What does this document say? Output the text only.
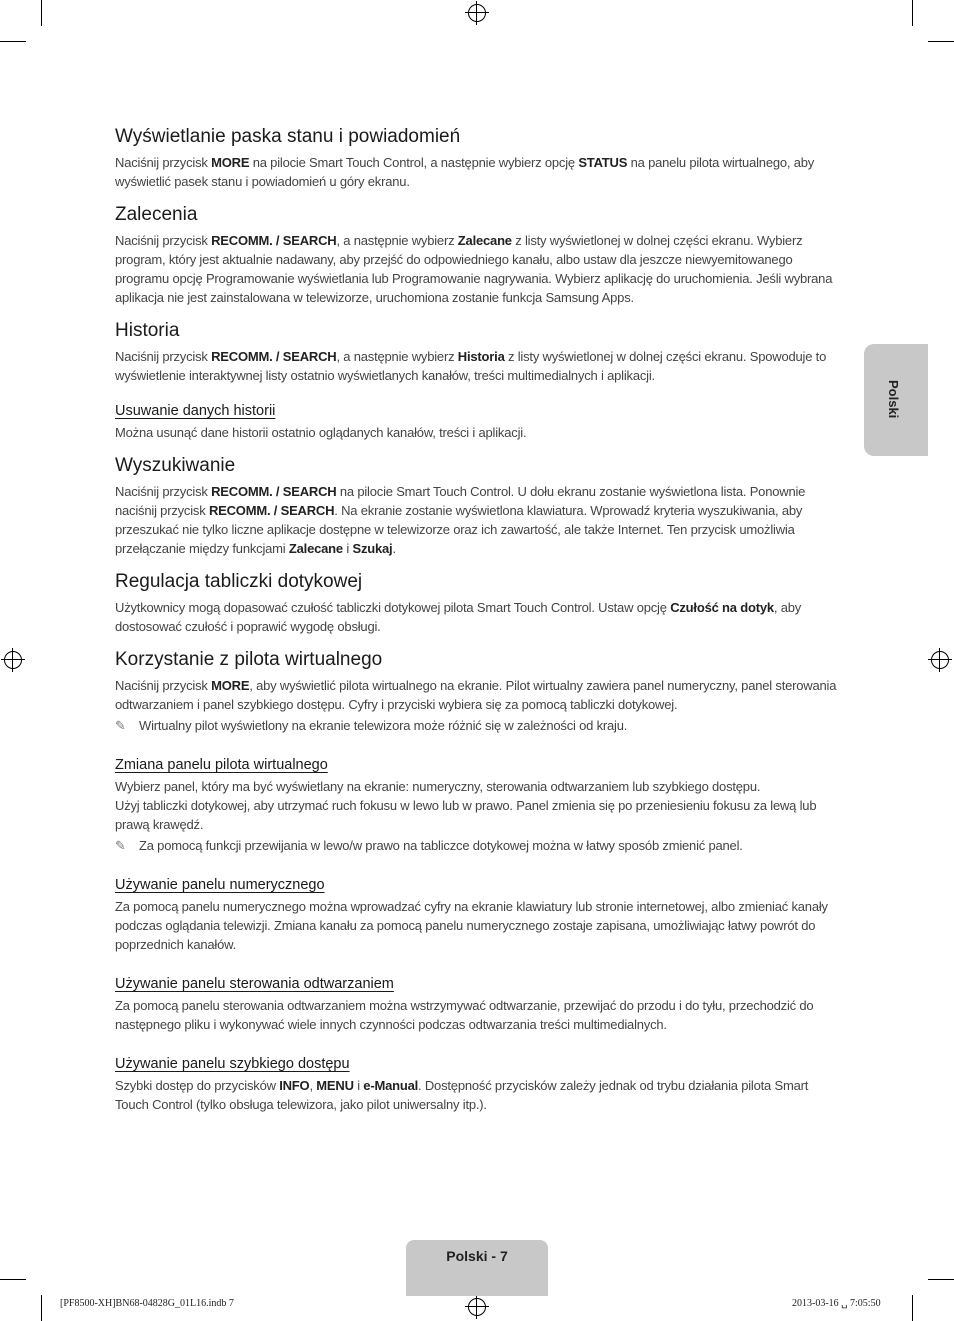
Polski
Wyświetlanie paska stanu i powiadomień

Naciśnij przycisk MORE na pilocie Smart Touch Control, a następnie wybierz opcję STATUS na panelu pilota wirtualnego, aby wyświetlić pasek stanu i powiadomień u góry ekranu.

Zalecenia

Naciśnij przycisk RECOMM. / SEARCH, a następnie wybierz Zalecane z listy wyświetlonej w dolnej części ekranu. Wybierz program, który jest aktualnie nadawany, aby przejść do odpowiedniego kanału, albo ustaw dla jeszcze niewyemitowanego programu opcję Programowanie wyświetlania lub Programowanie nagrywania. Wybierz aplikację do uruchomienia. Jeśli wybrana aplikacja nie jest zainstalowana w telewizorze, uruchomiona zostanie funkcja Samsung Apps.

Historia

Naciśnij przycisk RECOMM. / SEARCH, a następnie wybierz Historia z listy wyświetlonej w dolnej części ekranu. Spowoduje to wyświetlenie interaktywnej listy ostatnio wyświetlanych kanałów, treści multimedialnych i aplikacji.

Usuwanie danych historii

Można usunąć dane historii ostatnio oglądanych kanałów, treści i aplikacji.

Wyszukiwanie

Naciśnij przycisk RECOMM. / SEARCH na pilocie Smart Touch Control. U dołu ekranu zostanie wyświetlona lista. Ponownie naciśnij przycisk RECOMM. / SEARCH. Na ekranie zostanie wyświetlona klawiatura. Wprowadź kryteria wyszukiwania, aby przeszukać nie tylko liczne aplikacje dostępne w telewizorze oraz ich zawartość, ale także Internet. Ten przycisk umożliwia przełączanie między funkcjami Zalecane i Szukaj.

Regulacja tabliczki dotykowej

Użytkownicy mogą dopasować czułość tabliczki dotykowej pilota Smart Touch Control. Ustaw opcję Czułość na dotyk, aby dostosować czułość i poprawić wygodę obsługi.

Korzystanie z pilota wirtualnego

Naciśnij przycisk MORE, aby wyświetlić pilota wirtualnego na ekranie. Pilot wirtualny zawiera panel numeryczny, panel sterowania odtwarzaniem i panel szybkiego dostępu. Cyfry i przyciski wybiera się za pomocą tabliczki dotykowej.

✎ Wirtualny pilot wyświetlony na ekranie telewizora może różnić się w zależności od kraju.

Zmiana panelu pilota wirtualnego

Wybierz panel, który ma być wyświetlany na ekranie: numeryczny, sterowania odtwarzaniem lub szybkiego dostępu.

Użyj tabliczki dotykowej, aby utrzymać ruch fokusu w lewo lub w prawo. Panel zmienia się po przeniesieniu fokusu za lewą lub prawą krawędź.

✎ Za pomocą funkcji przewijania w lewo/w prawo na tabliczce dotykowej można w łatwy sposób zmienić panel.

Używanie panelu numerycznego

Za pomocą panelu numerycznego można wprowadzać cyfry na ekranie klawiatury lub stronie internetowej, albo zmieniać kanały podczas oglądania telewizji. Zmiana kanału za pomocą panelu numerycznego zostaje zapisana, umożliwiając łatwy powrót do poprzednich kanałów.

Używanie panelu sterowania odtwarzaniem

Za pomocą panelu sterowania odtwarzaniem można wstrzymywać odtwarzanie, przewijać do przodu i do tyłu, przechodzić do następnego pliku i wykonywać wiele innych czynności podczas odtwarzania treści multimedialnych.

Używanie panelu szybkiego dostępu

Szybki dostęp do przycisków INFO, MENU i e-Manual. Dostępność przycisków zależy jednak od trybu działania pilota Smart Touch Control (tylko obsługa telewizora, jako pilot uniwersalny itp.).

Polski - 7
[PF8500-XH]BN68-04828G_01L16.indb 7	2013-03-16 ␣ 7:05:50
